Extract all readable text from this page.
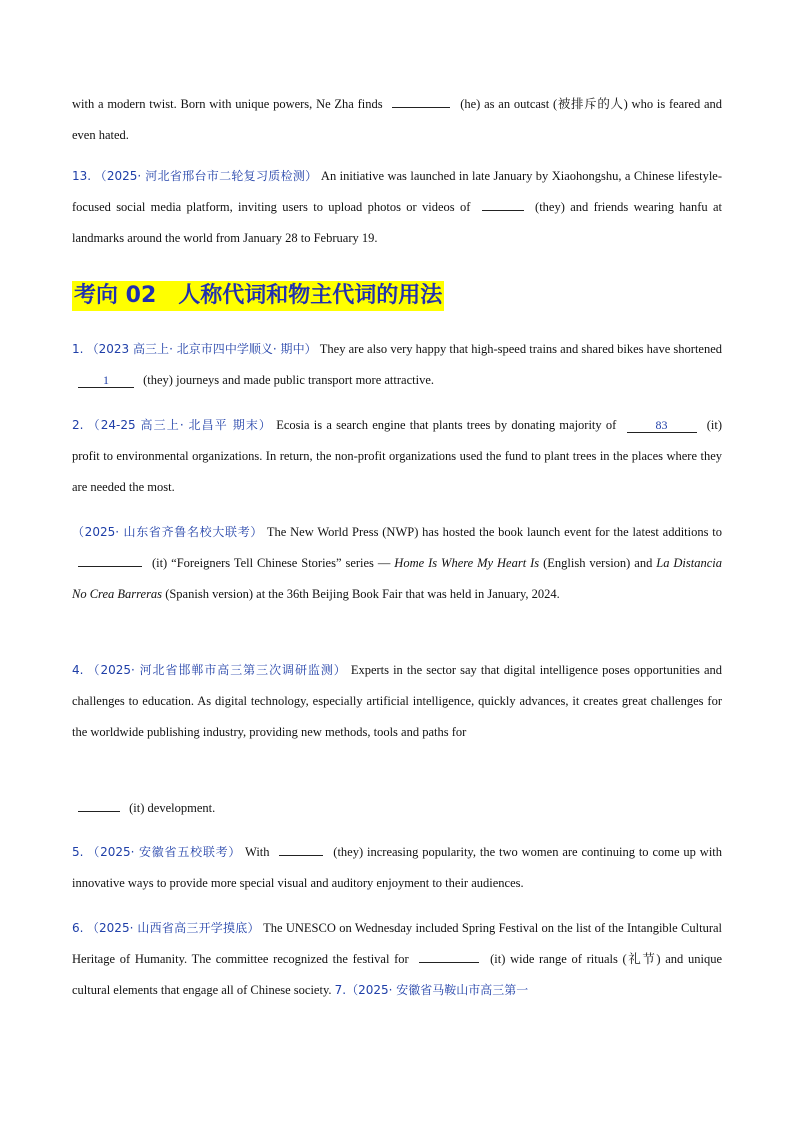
with a modern twist. Born with unique powers, Ne Zha finds	(he) as an outcast (被排斥的人) who is feared and even hated.

13. （2025· 河北省邢台市二轮复习质检测） An initiative was launched in late January by Xiaohongshu, a Chinese lifestyle-focused social media platform, inviting users to upload photos or videos of	(they) and friends wearing hanfu at landmarks around the world from January 28 to February 19.

考向 02 人称代词和物主代词的用法

1. （2023 高三上· 北京市四中学顺义· 期中） They are also very happy that high-speed trains and shared bikes have shortened 1	(they) journeys and made public transport more attractive.

2. （24-25 高三上· 北昌平 期末） Ecosia is a search engine that plants trees by donating majority of	83	(it) profit to environmental organizations. In return, the non-profit organizations used the fund to plant trees in the places where they are needed the most.

（2025· 山东省齐鲁名校大联考） The New World Press (NWP) has hosted the book launch event for the latest additions to  (it) “Foreigners Tell Chinese Stories” series — Home Is Where My Heart Is (English version) and La Distancia No Crea Barreras (Spanish version) at the 36th Beijing Book Fair that was held in January, 2024.

4. （2025· 河北省邯郸市高三第三次调研监测） Experts in the sector say that digital intelligence poses opportunities and challenges to education. As digital technology, especially artificial intelligence, quickly advances, it creates great challenges for the worldwide publishing industry, providing new methods, tools and paths for

(it) development.

5. （2025· 安徽省五校联考） With	(they) increasing popularity, the two women are continuing to come up with innovative ways to provide more special visual and auditory enjoyment to their audiences.

6. （2025· 山西省高三开学摸底） The UNESCO on Wednesday included Spring Festival on the list of the Intangible Cultural Heritage of Humanity. The committee recognized the festival for	(it) wide range of rituals (礼节) and unique cultural elements that engage all of Chinese society. 7.（2025· 安徽省马鞍山市高三第一
